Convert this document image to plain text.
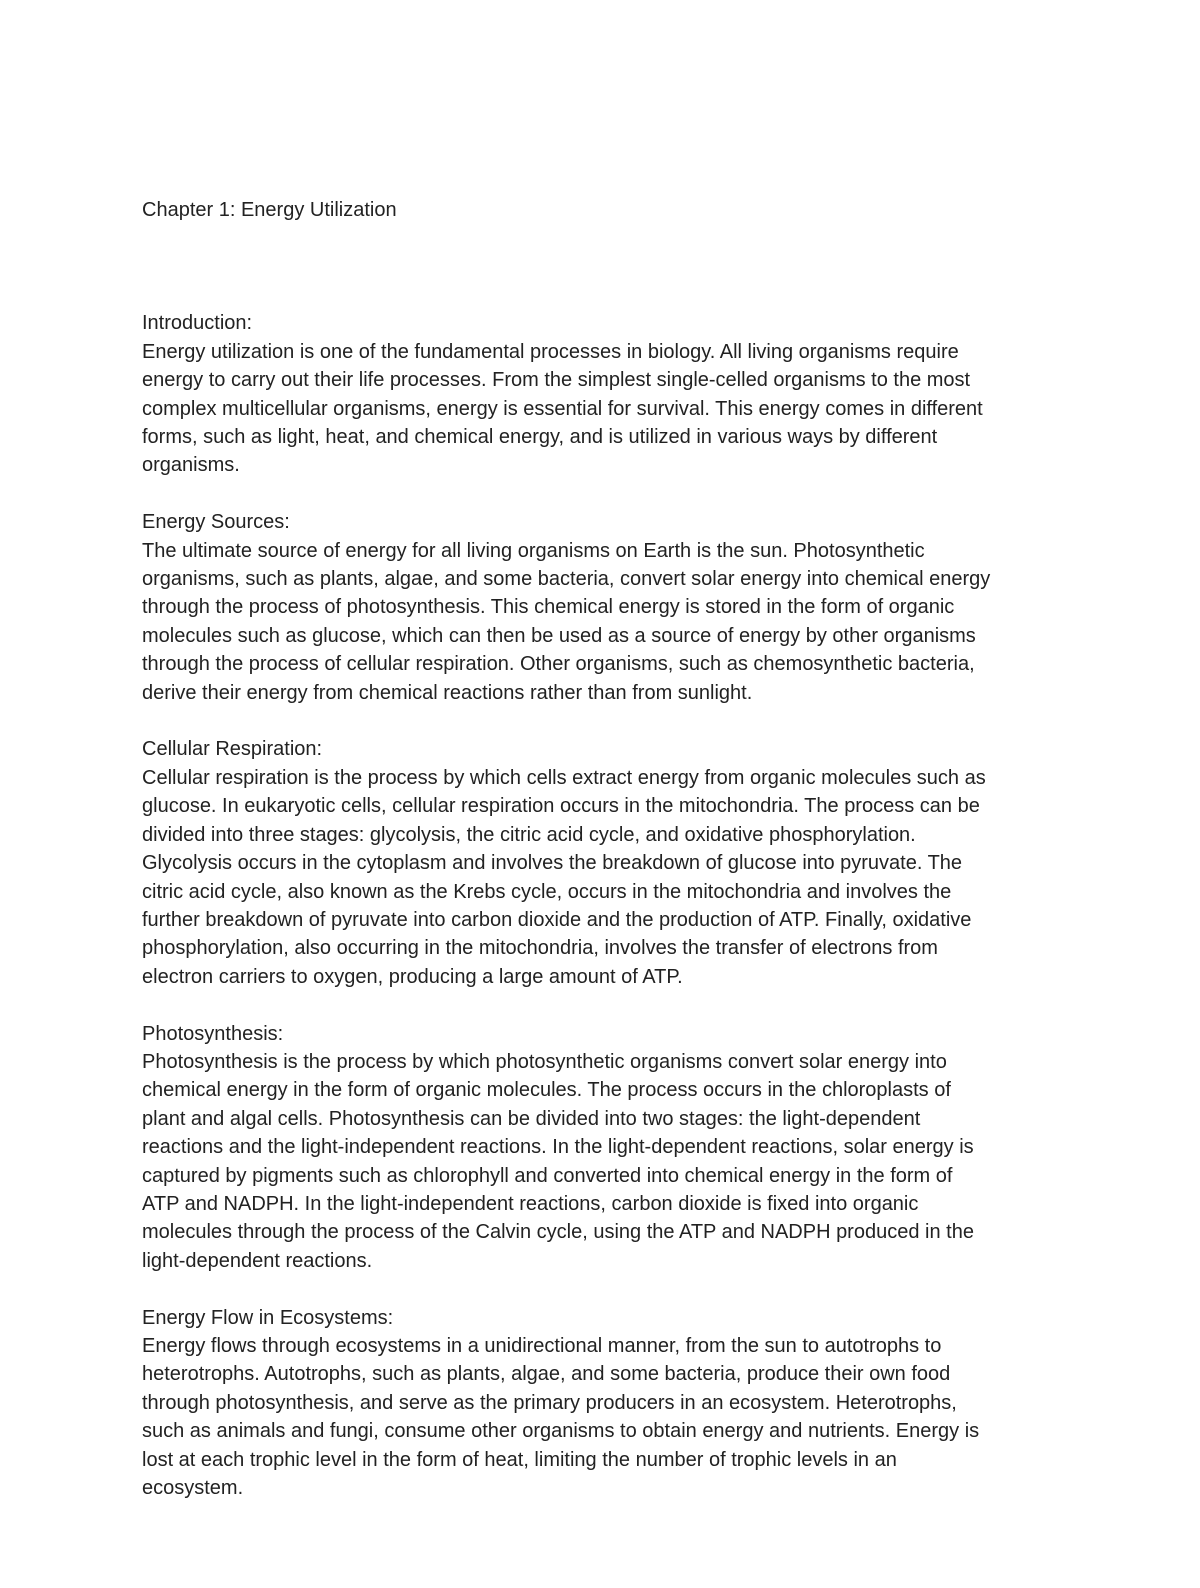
Chapter 1: Energy Utilization

Introduction:
Energy utilization is one of the fundamental processes in biology. All living organisms require
energy to carry out their life processes. From the simplest single-celled organisms to the most
complex multicellular organisms, energy is essential for survival. This energy comes in different
forms, such as light, heat, and chemical energy, and is utilized in various ways by different
organisms.
Energy Sources:
The ultimate source of energy for all living organisms on Earth is the sun. Photosynthetic
organisms, such as plants, algae, and some bacteria, convert solar energy into chemical energy
through the process of photosynthesis. This chemical energy is stored in the form of organic
molecules such as glucose, which can then be used as a source of energy by other organisms
through the process of cellular respiration. Other organisms, such as chemosynthetic bacteria,
derive their energy from chemical reactions rather than from sunlight.
Cellular Respiration:
Cellular respiration is the process by which cells extract energy from organic molecules such as
glucose. In eukaryotic cells, cellular respiration occurs in the mitochondria. The process can be
divided into three stages: glycolysis, the citric acid cycle, and oxidative phosphorylation.
Glycolysis occurs in the cytoplasm and involves the breakdown of glucose into pyruvate. The
citric acid cycle, also known as the Krebs cycle, occurs in the mitochondria and involves the
further breakdown of pyruvate into carbon dioxide and the production of ATP. Finally, oxidative
phosphorylation, also occurring in the mitochondria, involves the transfer of electrons from
electron carriers to oxygen, producing a large amount of ATP.
Photosynthesis:
Photosynthesis is the process by which photosynthetic organisms convert solar energy into
chemical energy in the form of organic molecules. The process occurs in the chloroplasts of
plant and algal cells. Photosynthesis can be divided into two stages: the light-dependent
reactions and the light-independent reactions. In the light-dependent reactions, solar energy is
captured by pigments such as chlorophyll and converted into chemical energy in the form of
ATP and NADPH. In the light-independent reactions, carbon dioxide is fixed into organic
molecules through the process of the Calvin cycle, using the ATP and NADPH produced in the
light-dependent reactions.
Energy Flow in Ecosystems:
Energy flows through ecosystems in a unidirectional manner, from the sun to autotrophs to
heterotrophs. Autotrophs, such as plants, algae, and some bacteria, produce their own food
through photosynthesis, and serve as the primary producers in an ecosystem. Heterotrophs,
such as animals and fungi, consume other organisms to obtain energy and nutrients. Energy is
lost at each trophic level in the form of heat, limiting the number of trophic levels in an
ecosystem.
